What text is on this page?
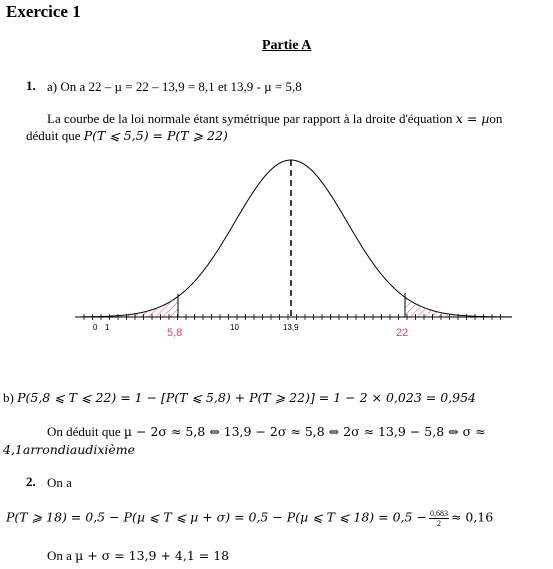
Exercice 1
Partie A
1. a) On a 22 – µ = 22 – 13,9 = 8,1 et 13,9 - µ = 5,8
La courbe de la loi normale étant symétrique par rapport à la droite d'équation x = µon
déduit que P(T ⩽ 5,5) = P(T ⩾ 22)
0 1	10	13,9
5,8	22
b) P(5,8 ⩽ T ⩽ 22) = 1 − [P(T ⩽ 5,8) + P(T ⩾ 22)] = 1 − 2 × 0,023 = 0,954
On déduit que µ − 2σ ≈ 5,8 ⇔ 13,9 − 2σ ≈ 5,8 ⇔ 2σ ≈ 13,9 − 5,8 ⇔ σ ≈
4,1arrondiaudixième
2. On a
P(T ⩾ 18) = 0,5 − P(µ ⩽ T ⩽ µ + σ) = 0,5 − P(µ ⩽ T ⩽ $18) = 0,5 - \frac{0,683}{2} \approx 0,16$
On a µ + σ = 13,9 + 4,1 = 18
